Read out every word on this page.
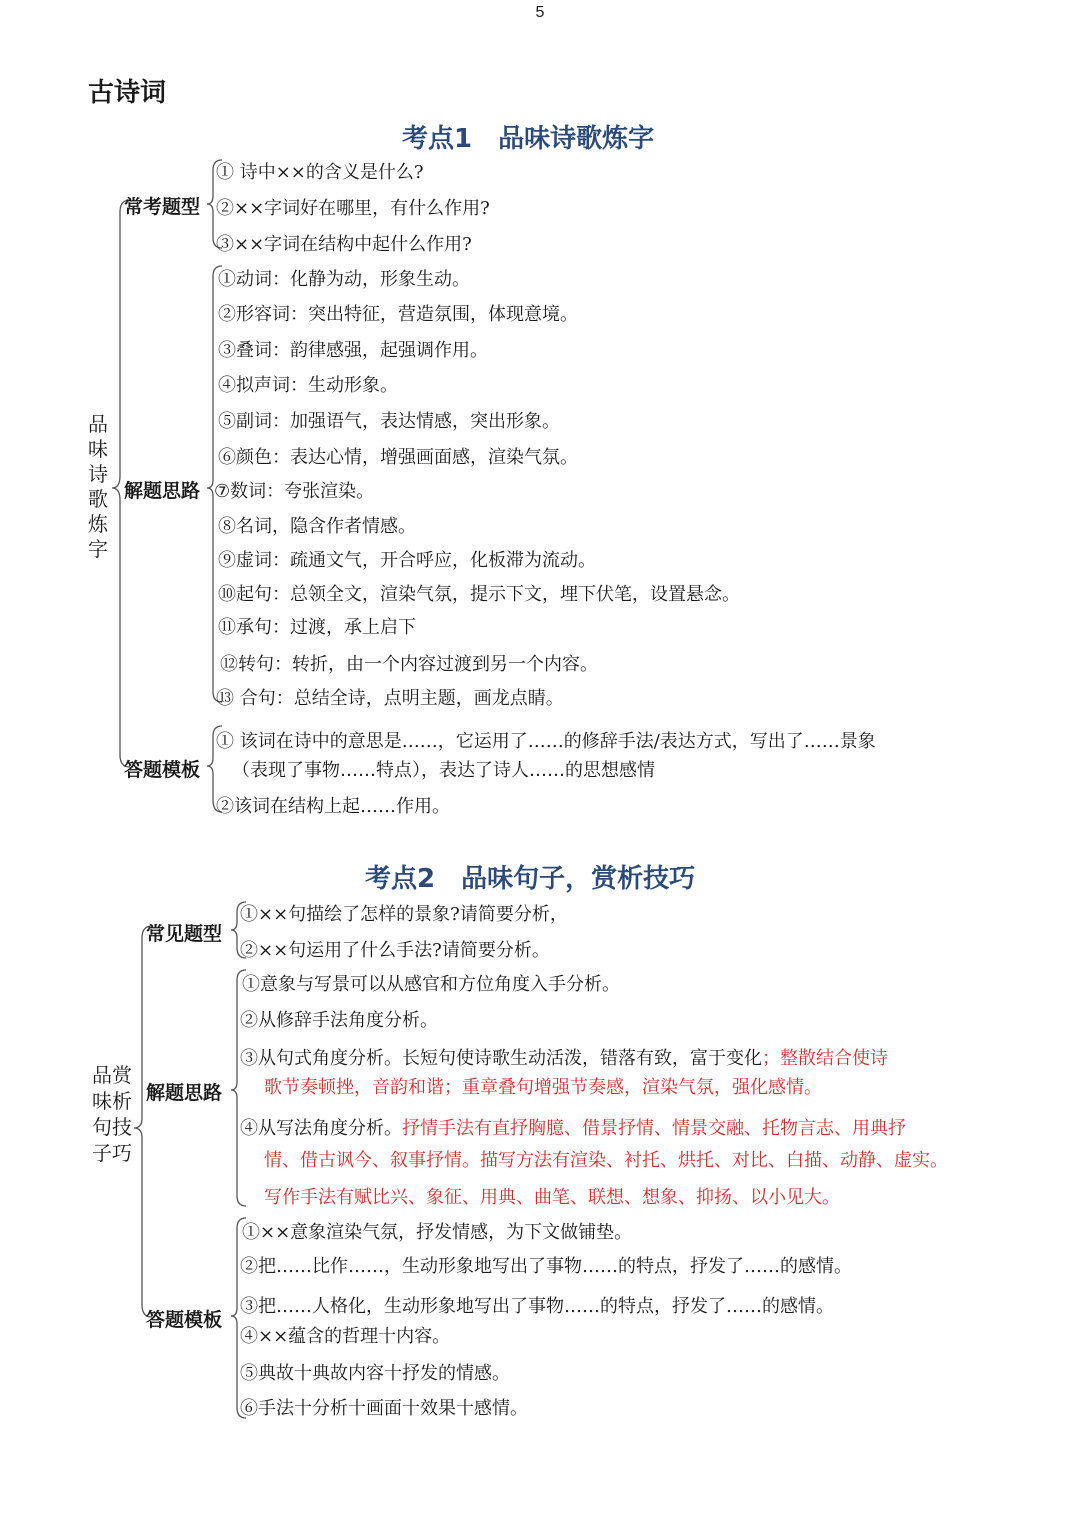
5
古诗词
考点1　品味诗歌炼字
品
味
诗
歌
炼
字
常考题型
解题思路
答题模板
① 诗中××的含义是什么?
②××字词好在哪里，有什么作用?
③××字词在结构中起什么作用?
①动词：化静为动，形象生动。
②形容词：突出特征，营造氛围，体现意境。
③叠词：韵律感强，起强调作用。
④拟声词：生动形象。
⑤副词：加强语气，表达情感，突出形象。
⑥颜色：表达心情，增强画面感，渲染气氛。
⑦数词：夸张渲染。
⑧名词，隐含作者情感。
⑨虚词：疏通文气，开合呼应，化板滞为流动。
⑩起句：总领全文，渲染气氛，提示下文，埋下伏笔，设置悬念。
⑪承句：过渡，承上启下
⑫转句：转折，由一个内容过渡到另一个内容。
⑬ 合句：总结全诗，点明主题，画龙点睛。
① 该词在诗中的意思是……，它运用了……的修辞手法/表达方式，写出了……景象
（表现了事物……特点），表达了诗人……的思想感情
②该词在结构上起……作用。
考点2　品味句子，赏析技巧
品赏
味析
句技
子巧
常见题型
解题思路
答题模板
①××句描绘了怎样的景象?请简要分析，
②××句运用了什么手法?请简要分析。
①意象与写景可以从感官和方位角度入手分析。
②从修辞手法角度分析。
③从句式角度分析。长短句使诗歌生动活泼，错落有致，富于变化；整散结合使诗
歌节奏顿挫，音韵和谐；重章叠句增强节奏感，渲染气氛，强化感情。
④从写法角度分析。抒情手法有直抒胸臆、借景抒情、情景交融、托物言志、用典抒
情、借古讽今、叙事抒情。描写方法有渲染、衬托、烘托、对比、白描、动静、虚实。
写作手法有赋比兴、象征、用典、曲笔、联想、想象、抑扬、以小见大。
①××意象渲染气氛，抒发情感，为下文做铺垫。
②把……比作……，生动形象地写出了事物……的特点，抒发了……的感情。
③把……人格化，生动形象地写出了事物……的特点，抒发了……的感情。
④××蕴含的哲理十内容。
⑤典故十典故内容十抒发的情感。
⑥手法十分析十画面十效果十感情。
